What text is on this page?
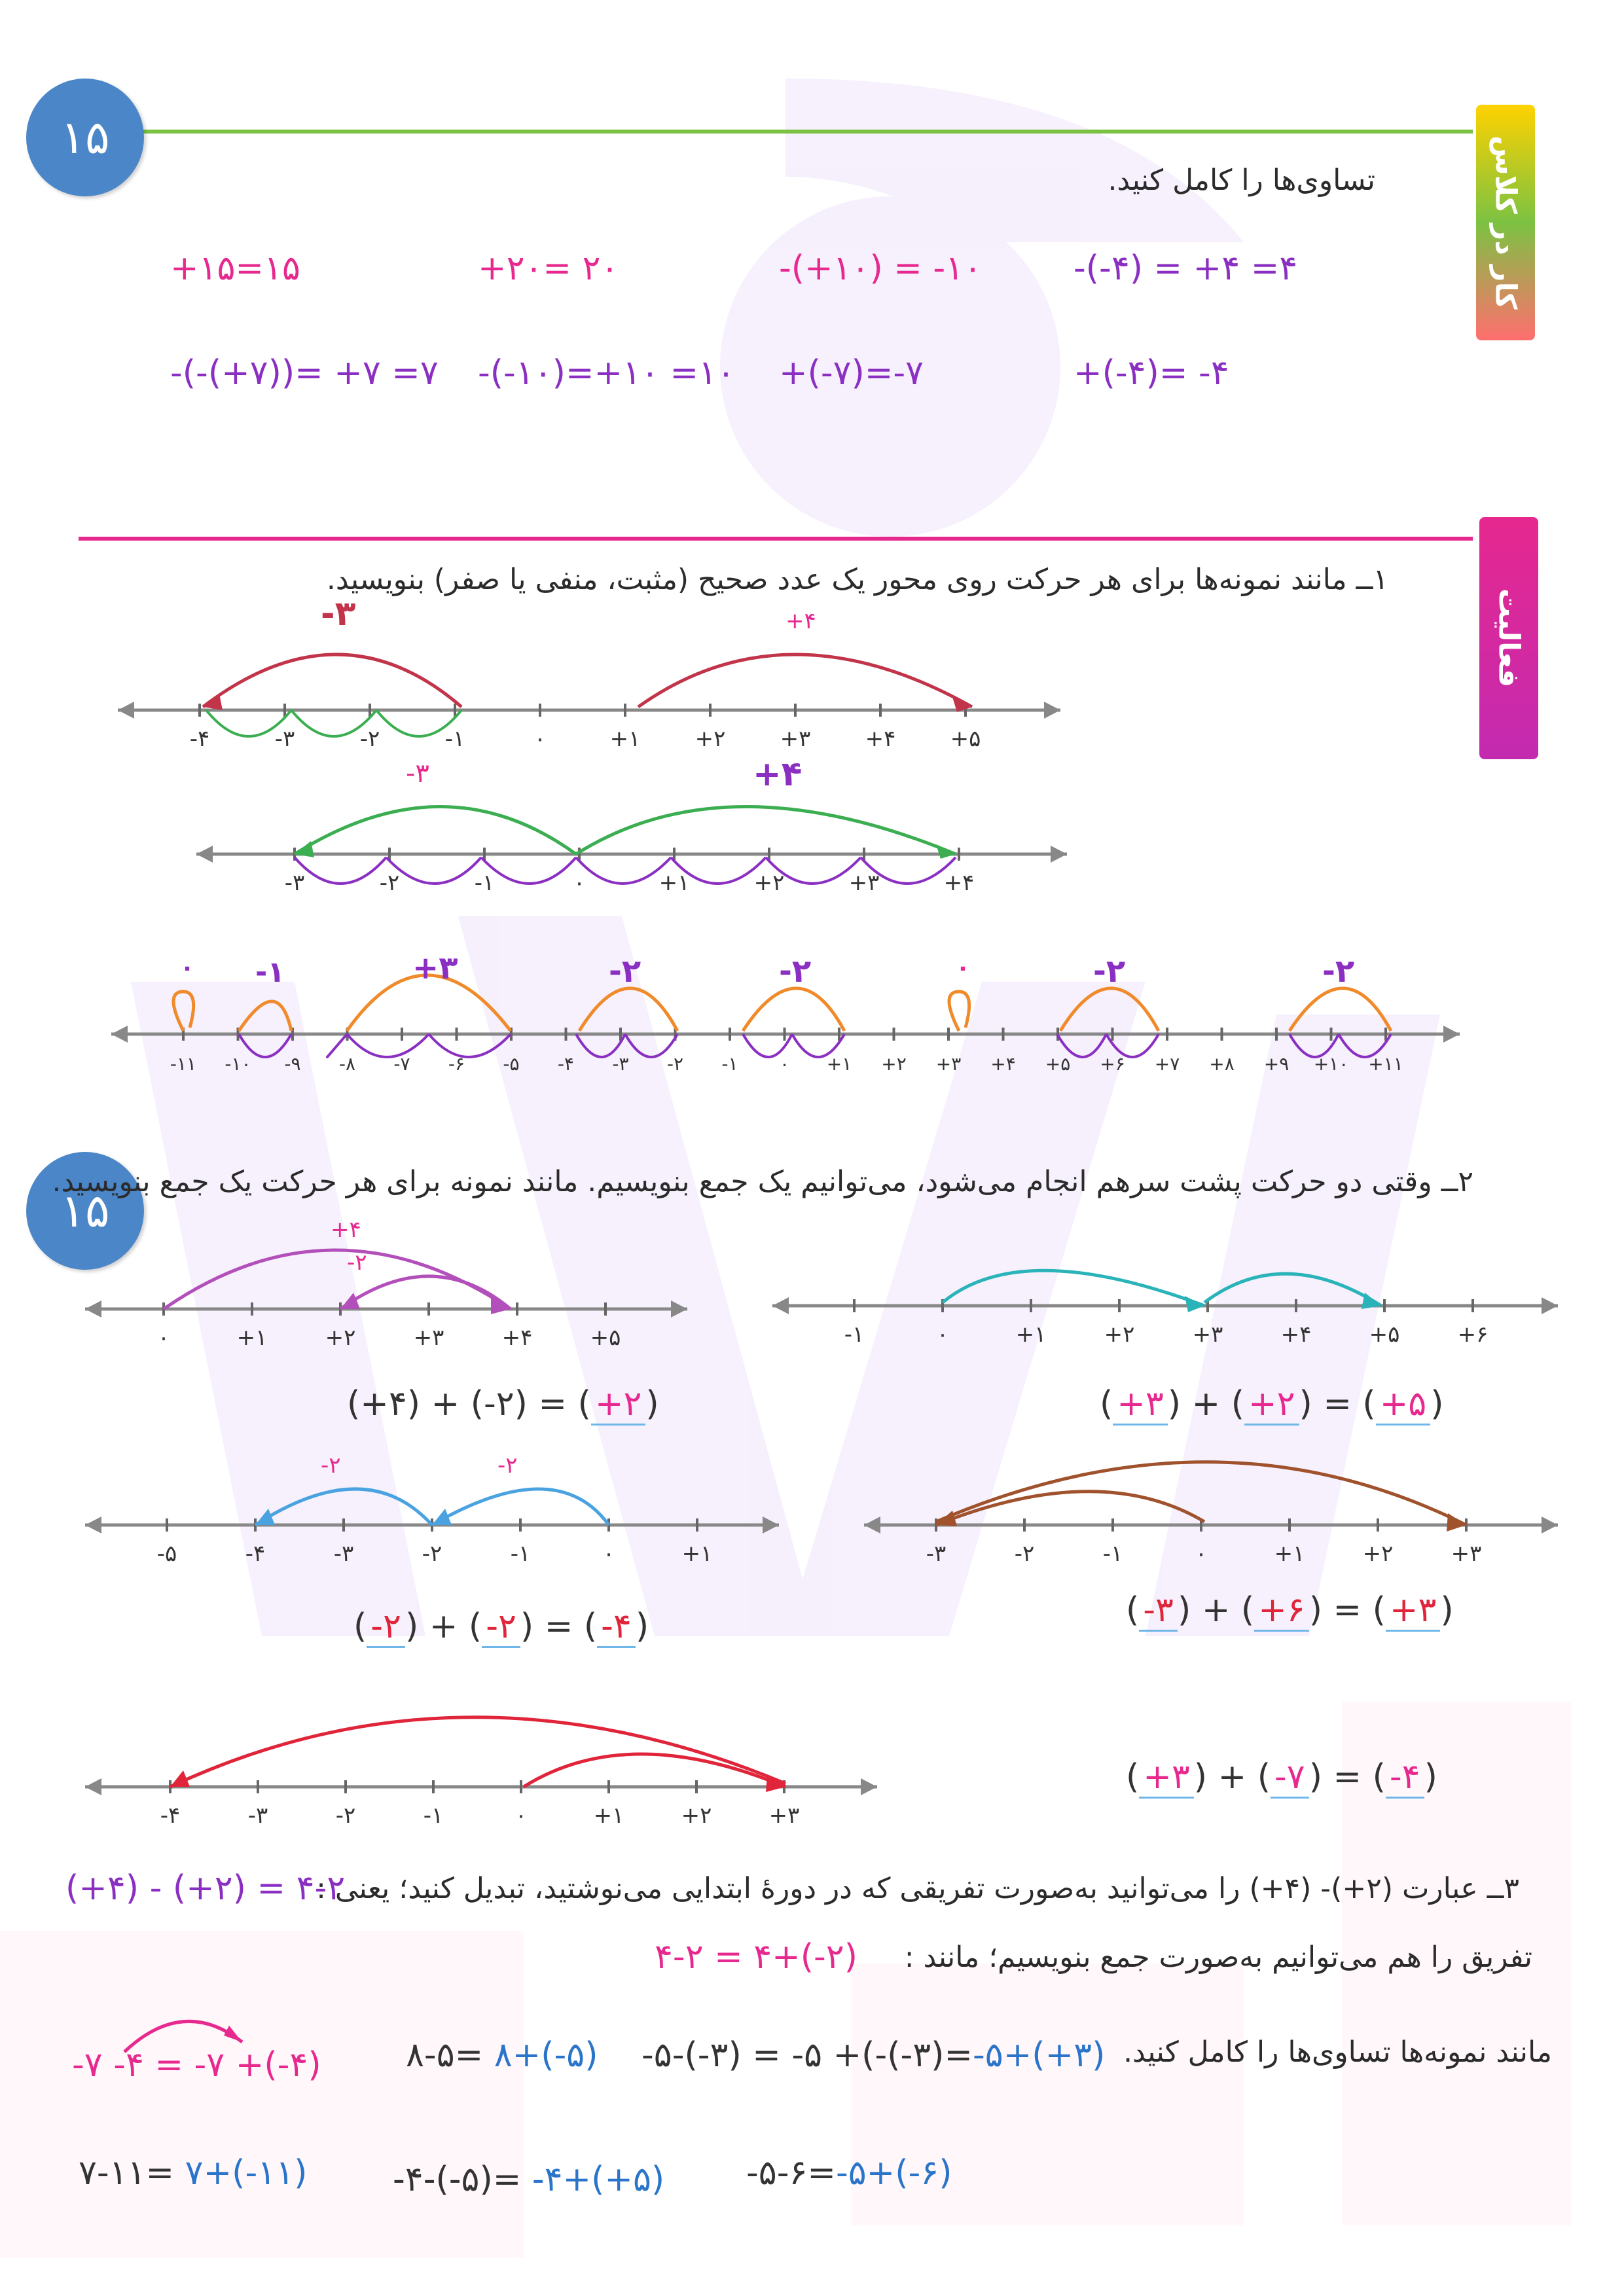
۱۵	کار در کلاس
تساوی‌ها را کامل کنید.
-(-۴) = +۴ =۴
-(+۱۰) = -۱۰
+۲۰= ۲۰
+۱۵=۱۵
+(-۴)= -۴
+(-۷)=-۷
-(-۱۰)=+۱۰ =۱۰
-(-(+۷))= +۷ =۷
فعالیت
۱ــ مانند نمونه‌ها برای هر حرکت روی محور یک عدد صحیح (مثبت، منفی یا صفر) بنویسید.
-۴	-۳	-۲	-۱	۰	+۱ +۲ +۳ +۴ +۵
-۳	+۴
-۳	-۲	-۱	۰	+۱	+۲	+۳	+۴
-۳	+۴
-۱۱ -۱۰ -۹ -۸ -۷ -۶ -۵ -۴ -۳ -۲ -۱ ۰ +۱ +۲ +۳ +۴ +۵ +۶ +۷ +۸ +۹ +۱۰ +۱۱
۰ -۱	+۳	-۲	-۲	۰	-۲	-۲
۱۵
۲ــ وقتی دو حرکت پشت سرهم انجام می‌شود، می‌توانیم یک جمع بنویسیم. مانند نمونه برای هر حرکت یک جمع بنویسید.
-۱	۰	+۱	+۲	+۳	+۴	+۵	+۶
( +۳ ) + ( +۲ ) = ( +۵ )
۰	+۱	+۲	+۳	+۴	+۵
+۴
-۲
(+۴) + (-۲) = ( +۲ )
-۳	-۲	-۱	۰	+۱	+۲	+۳
( -۳ ) + ( +۶ ) = ( +۳ )
-۵	-۴	-۳	-۲	-۱	۰	+۱
-۲
-۲
( -۲ ) + ( -۲ ) = ( -۴ )
-۴	-۳	-۲	-۱	۰	+۱	+۲	+۳
( +۳ ) + ( -۷ ) = ( -۴ )
۳ــ عبارت (۲+)- (۴+) را می‌توانید به‌صورت تفریقی که در دورهٔ ابتدایی می‌نوشتید، تبدیل کنید؛ یعنی :
(+۴) - (+۲) = ۴-۲
تفریق را هم می‌توانیم به‌صورت جمع بنویسیم؛ مانند :
۴-۲ = ۴+(-۲)
مانند نمونه‌ها تساوی‌ها را کامل کنید.
-۵-(-۳) = -۵ +(-(-۳)=-۵+(+۳)
۸-۵= ۸+(-۵)
-۷ -۴ = -۷ +(-۴)
-۵-۶=-۵+(-۶)
-۴-(-۵)= -۴+(+۵)
۷-۱۱= ۷+(-۱۱)
